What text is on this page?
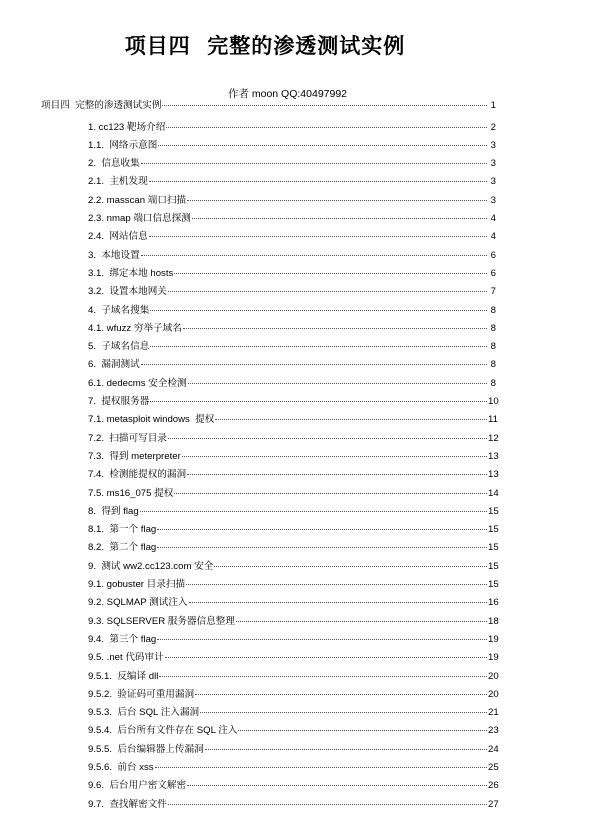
项目四  完整的渗透测试实例
作者 moon QQ:40497992
项目四  完整的渗透测试实例	1
1. cc123 靶场介绍	2
1.1.  网络示意图	3
2.  信息收集	3
2.1.  主机发现	3
2.2. masscan 端口扫描	3
2.3. nmap 端口信息探测	4
2.4.  网站信息	4
3.  本地设置	6
3.1.  绑定本地 hosts	6
3.2.  设置本地网关	7
4.  子域名搜集	8
4.1. wfuzz 穷举子域名	8
5.  子域名信息	8
6.  漏洞测试	8
6.1. dedecms 安全检测	8
7.  提权服务器	10
7.1. metasploit windows  提权	11
7.2.  扫描可写目录	12
7.3.  得到 meterpreter	13
7.4.  检测能提权的漏洞	13
7.5. ms16_075 提权	14
8.  得到 flag	15
8.1.  第一个 flag	15
8.2.  第二个 flag	15
9.  测试 ww2.cc123.com 安全	15
9.1. gobuster 目录扫描	15
9.2. SQLMAP 测试注入	16
9.3. SQLSERVER 服务器信息整理	18
9.4.  第三个 flag	19
9.5. .net 代码审计	19
9.5.1.  反编译 dll	20
9.5.2.  验证码可重用漏洞	20
9.5.3.  后台 SQL 注入漏洞	21
9.5.4.  后台所有文件存在 SQL 注入	23
9.5.5.  后台编辑器上传漏洞	24
9.5.6.  前台 xss	25
9.6.  后台用户密文解密	26
9.7.  查找解密文件	27
